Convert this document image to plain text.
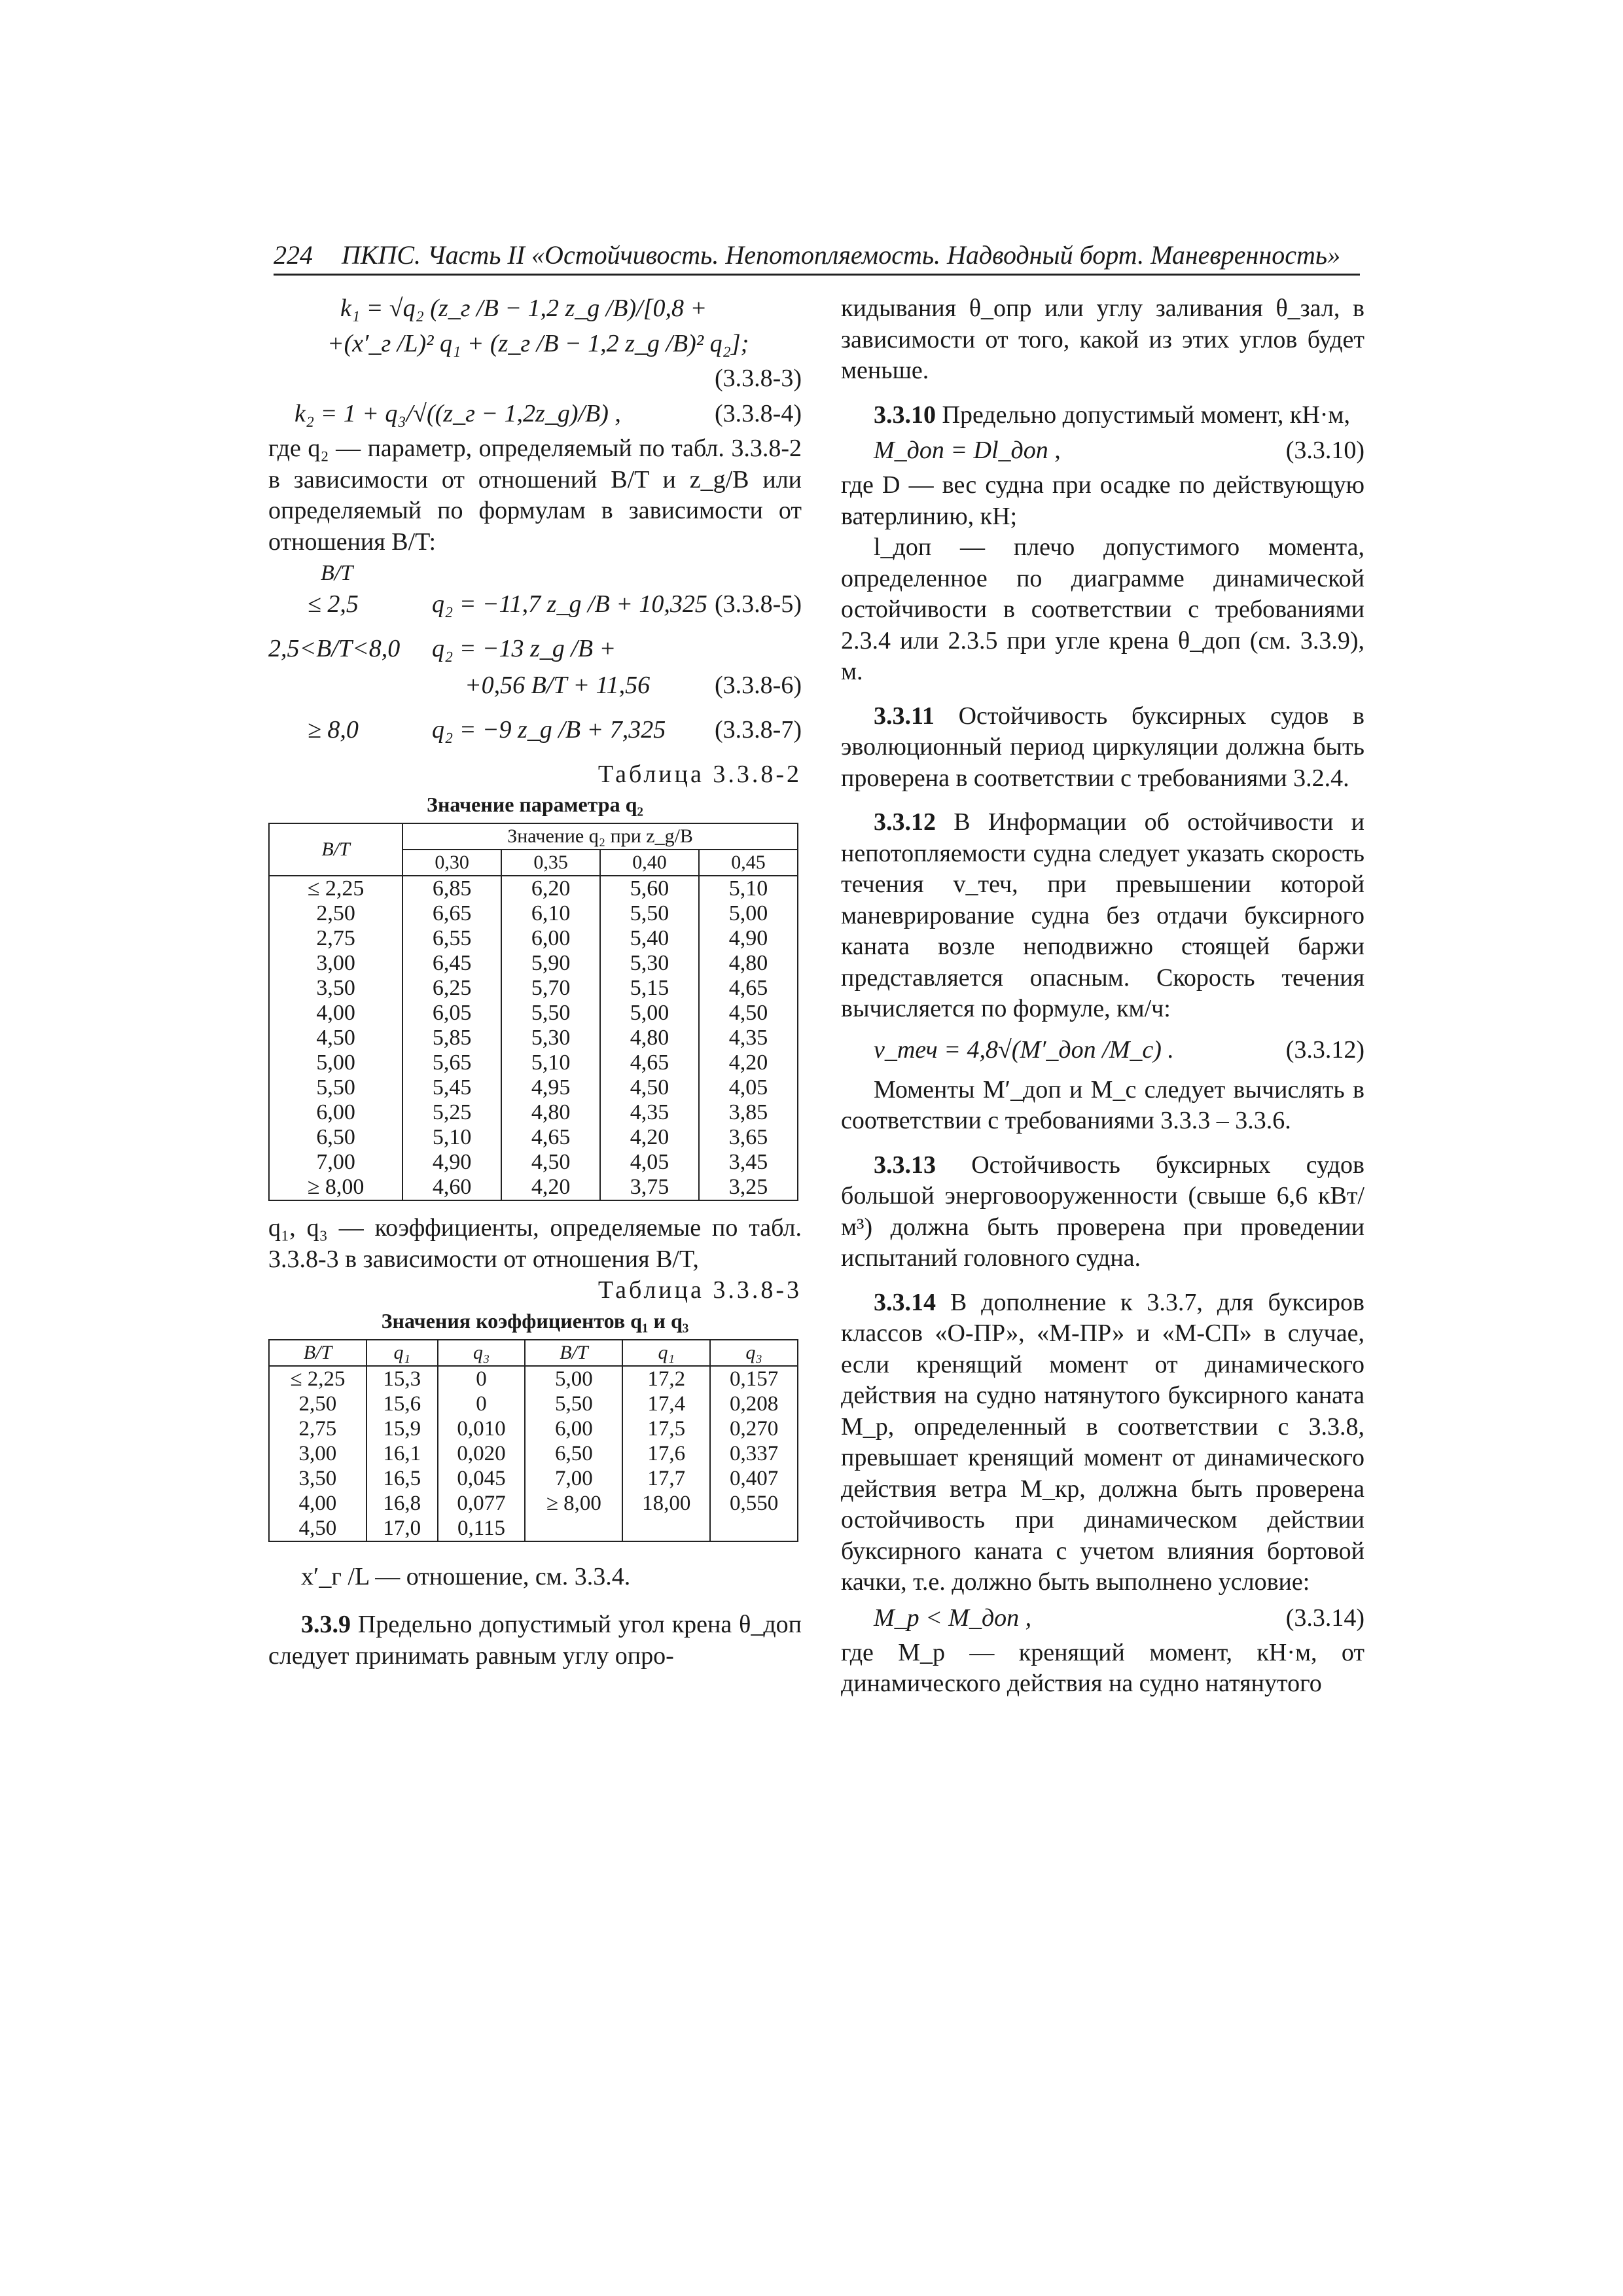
224 ПКПС. Часть II «Остойчивость. Непотопляемость. Надводный борт. Маневренность»
k₁ = √q₂ (z_г /B − 1,2 z_g /B)/[0,8 +
+(x′_г /L)² q₁ + (z_г /B − 1,2 z_g /B)² q₂];
(3.3.8-3)
k₂ = 1 + q₃/√((z_г − 1,2z_g)/B) ,	(3.3.8-4)

где q₂ — параметр, определяемый по табл. 3.3.8-2 в зависимости от отношений B/T и z_g/B или определяемый по формулам в зависимости от отношения B/T:

B/T
≤ 2,5	q₂ = −11,7 z_g /B + 10,325 (3.3.8-5)
2,5<B/T<8,0 q₂ = −13 z_g /B +
+0,56 B/T + 11,56	(3.3.8-6)
≥ 8,0	q₂ = −9 z_g /B + 7,325 (3.3.8-7)
Таблица 3.3.8-2
Значение параметра q₂
B/T	Значение q₂ при z_g/B			
	0,30	0,35	0,40	0,45
≤ 2,25	6,85	6,20	5,60	5,10
2,50	6,65	6,10	5,50	5,00
2,75	6,55	6,00	5,40	4,90
3,00	6,45	5,90	5,30	4,80
3,50	6,25	5,70	5,15	4,65
4,00	6,05	5,50	5,00	4,50
4,50	5,85	5,30	4,80	4,35
5,00	5,65	5,10	4,65	4,20
5,50	5,45	4,95	4,50	4,05
6,00	5,25	4,80	4,35	3,85
6,50	5,10	4,65	4,20	3,65
7,00	4,90	4,50	4,05	3,45
≥ 8,00	4,60	4,20	3,75	3,25

q₁, q₃ — коэффициенты, определяемые по табл. 3.3.8-3 в зависимости от отношения B/T,

Таблица 3.3.8-3
Значения коэффициентов q₁ и q₃
B/T	q₁	q₃	B/T	q₁	q₃
≤ 2,25	15,3	0	5,00	17,2	0,157
2,50	15,6	0	5,50	17,4	0,208
2,75	15,9	0,010	6,00	17,5	0,270
3,00	16,1	0,020	6,50	17,6	0,337
3,50	16,5	0,045	7,00	17,7	0,407
4,00	16,8	0,077	≥ 8,00	18,00	0,550
4,50	17,0	0,115			
x′_г /L — отношение, см. 3.3.4.

3.3.9 Предельно допустимый угол крена θ_доп следует принимать равным углу опро-

кидывания θ_опр или углу заливания θ_зал, в зависимости от того, какой из этих углов будет меньше.

3.3.10 Предельно допустимый момент, кН·м,

M_доп = Dl_доп ,	(3.3.10)

где D — вес судна при осадке по действующую ватерлинию, кН;

l_доп — плечо допустимого момента, определенное по диаграмме динамической остойчивости в соответствии с требованиями 2.3.4 или 2.3.5 при угле крена θ_доп (см. 3.3.9), м.

3.3.11 Остойчивость буксирных судов в эволюционный период циркуляции должна быть проверена в соответствии с требованиями 3.2.4.

3.3.12 В Информации об остойчивости и непотопляемости судна следует указать скорость течения v_теч, при превышении которой маневрирование судна без отдачи буксирного каната возле неподвижно стоящей баржи представляется опасным. Скорость течения вычисляется по формуле, км/ч:

v_теч = 4,8√(M′_доп /M_c) .	(3.3.12)

Моменты M′_доп и M_c следует вычислять в соответствии с требованиями 3.3.3 – 3.3.6.

3.3.13 Остойчивость буксирных судов большой энерговооруженности (свыше 6,6 кВт/м³) должна быть проверена при проведении испытаний головного судна.

3.3.14 В дополнение к 3.3.7, для буксиров классов «О-ПР», «М-ПР» и «М-СП» в случае, если кренящий момент от динамического действия на судно натянутого буксирного каната M_р, определенный в соответствии с 3.3.8, превышает кренящий момент от динамического действия ветра M_кр, должна быть проверена остойчивость при динамическом действии буксирного каната с учетом влияния бортовой качки, т.е. должно быть выполнено условие:

M_р < M_доп ,	(3.3.14)

где M_р — кренящий момент, кН·м, от динамического действия на судно натянутого
